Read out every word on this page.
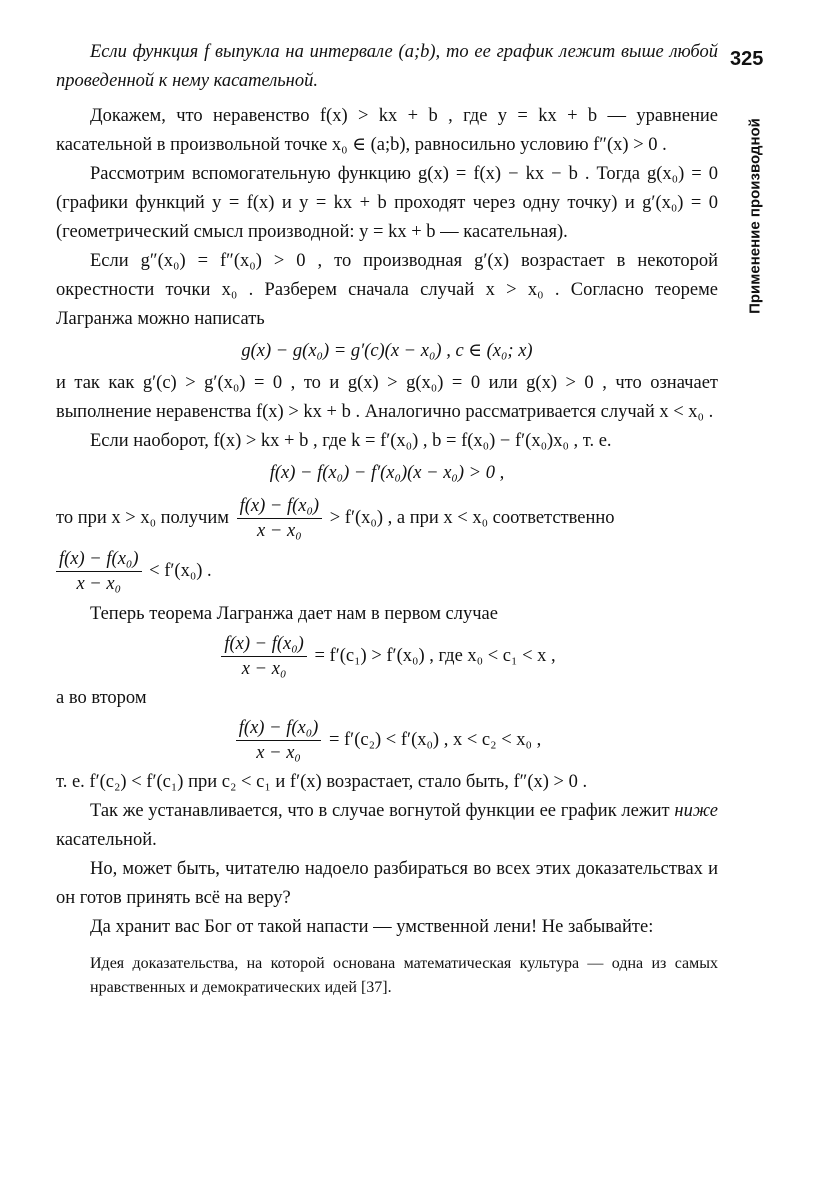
325
Применение производной

Если функция f выпукла на интервале (a;b), то ее график лежит выше любой проведенной к нему касательной.

Докажем, что неравенство f(x) > kx + b , где y = kx + b — уравнение касательной в произвольной точке x₀ ∈ (a;b), равносильно условию f″(x) > 0 .

Рассмотрим вспомогательную функцию g(x) = f(x) − kx − b . Тогда g(x₀) = 0 (графики функций y = f(x) и y = kx + b проходят через одну точку) и g′(x₀) = 0 (геометрический смысл производной: y = kx + b — касательная).

Если g″(x₀) = f″(x₀) > 0 , то производная g′(x) возрастает в некоторой окрестности точки x₀ . Разберем сначала случай x > x₀ . Согласно теореме Лагранжа можно написать

g(x) − g(x₀) = g′(c)(x − x₀) , c ∈ (x₀; x)

и так как g′(c) > g′(x₀) = 0 , то и g(x) > g(x₀) = 0 или g(x) > 0 , что означает выполнение неравенства f(x) > kx + b . Аналогично рассматривается случай x < x₀ .

Если наоборот, f(x) > kx + b , где k = f′(x₀) , b = f(x₀) − f′(x₀)x₀ , т. е.

f(x) − f(x₀) − f′(x₀)(x − x₀) > 0 ,

то при x > x₀ получим $\frac{\text{f(x) − f(x₀)}}{\text{x − x₀}} > f'(x_0)$ , а при x < x₀ соответственно

$\frac{\text{f(x) − f(x₀)}}{\text{x − x₀}} < f'(x_0)$ .

Теперь теорема Лагранжа дает нам в первом случае

$\frac{\text{f(x) − f(x₀)}}{\text{x − x₀}} = f'(c_1) > f'(x_0)$ , где x₀ < c₁ < x ,

а во втором

$\frac{\text{f(x) − f(x₀)}}{\text{x − x₀}} = f'(c_2) < f'(x_0)$ , x < c₂ < x₀ ,

т. е. f′(c₂) < f′(c₁) при c₂ < c₁ и f′(x) возрастает, стало быть, f″(x) > 0 .

Так же устанавливается, что в случае вогнутой функции ее график лежит ниже касательной.

Но, может быть, читателю надоело разбираться во всех этих доказательствах и он готов принять всё на веру?

Да хранит вас Бог от такой напасти — умственной лени! Не забывайте:

Идея доказательства, на которой основана математическая культура — одна из самых нравственных и демократических идей [37].
